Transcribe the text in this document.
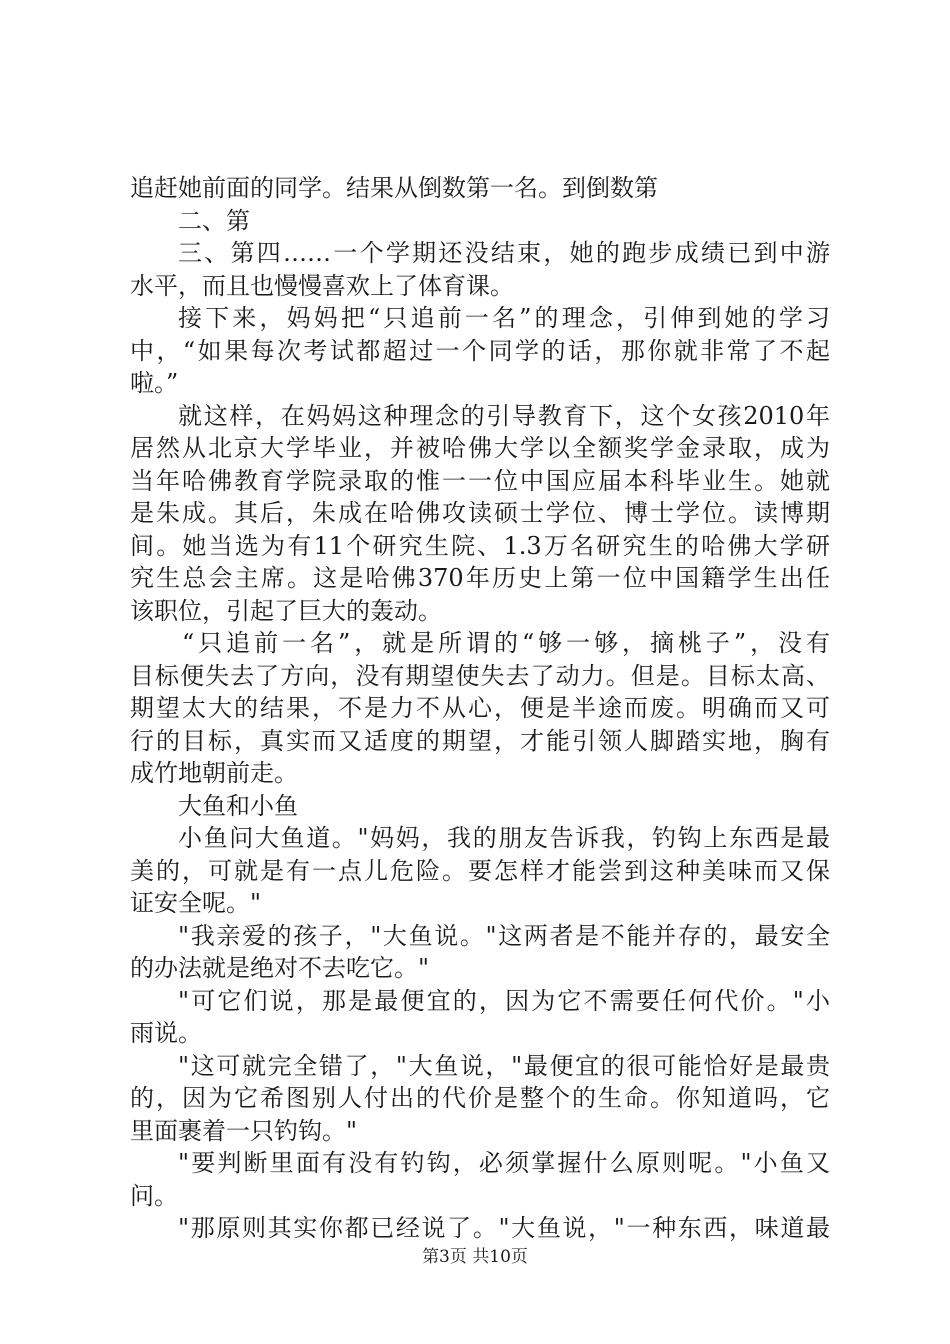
追赶她前面的同学。结果从倒数第一名。到倒数第
二、第
三、第四……一个学期还没结束，她的跑步成绩已到中游
水平，而且也慢慢喜欢上了体育课。
接下来，妈妈把“只追前一名”的理念，引伸到她的学习
中，“如果每次考试都超过一个同学的话，那你就非常了不起
啦。”
就这样，在妈妈这种理念的引导教育下，这个女孩2010年
居然从北京大学毕业，并被哈佛大学以全额奖学金录取，成为
当年哈佛教育学院录取的惟一一位中国应届本科毕业生。她就
是朱成。其后，朱成在哈佛攻读硕士学位、博士学位。读博期
间。她当选为有11个研究生院、1.3万名研究生的哈佛大学研
究生总会主席。这是哈佛370年历史上第一位中国籍学生出任
该职位，引起了巨大的轰动。
“只追前一名”，就是所谓的“够一够，摘桃子”，没有
目标便失去了方向，没有期望使失去了动力。但是。目标太高、
期望太大的结果，不是力不从心，便是半途而废。明确而又可
行的目标，真实而又适度的期望，才能引领人脚踏实地，胸有
成竹地朝前走。
大鱼和小鱼
小鱼问大鱼道。"妈妈，我的朋友告诉我，钓钩上东西是最
美的，可就是有一点儿危险。要怎样才能尝到这种美味而又保
证安全呢。"
"我亲爱的孩子，"大鱼说。"这两者是不能并存的，最安全
的办法就是绝对不去吃它。"
"可它们说，那是最便宜的，因为它不需要任何代价。"小
雨说。
"这可就完全错了，"大鱼说，"最便宜的很可能恰好是最贵
的，因为它希图别人付出的代价是整个的生命。你知道吗，它
里面裹着一只钓钩。"
"要判断里面有没有钓钩，必须掌握什么原则呢。"小鱼又
问。
"那原则其实你都已经说了。"大鱼说，"一种东西，味道最
第3页 共10页
